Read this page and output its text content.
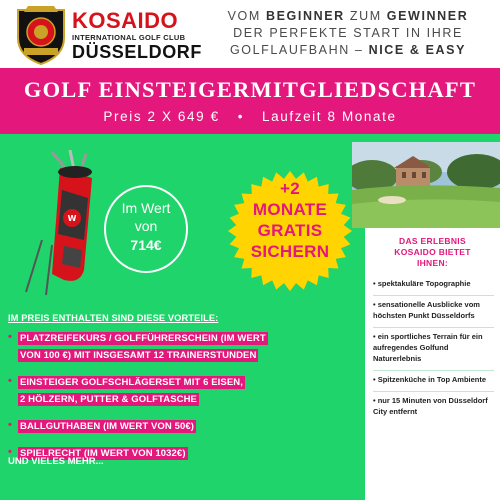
KOSAIDO
INTERNATIONAL GOLF CLUB
DÜSSELDORF
VOM BEGINNER ZUM GEWINNER
DER PERFEKTE START IN IHRE
GOLFLAUFBAHN – NICE & EASY
GOLF EINSTEIGERMITGLIEDSCHAFT
Preis 2 X 649 € • Laufzeit 8 Monate
W
Im Wert
von
714€
+2
MONATE
GRATIS
SICHERN
DAS ERLEBNIS
KOSAIDO BIETET
IHNEN:
• spektakuläre Topographie
• sensationelle Ausblicke vom höchsten Punkt Düsseldorfs
• ein sportliches Terrain für ein aufregendes Golfund Naturerlebnis
• Spitzenküche in Top Ambiente
• nur 15 Minuten von Düsseldorf City entfernt
IM PREIS ENTHALTEN SIND DIESE VORTEILE:
• PLATZREIFEKURS / GOLFFÜHRERSCHEIN (IM WERT
VON 100 €) MIT INSGESAMT 12 TRAINERSTUNDEN
• EINSTEIGER GOLFSCHLÄGERSET MIT 6 EISEN,
2 HÖLZERN, PUTTER & GOLFTASCHE
• BALLGUTHABEN (IM WERT VON 50€)
• SPIELRECHT (IM WERT VON 1032€)
UND VIELES MEHR...
